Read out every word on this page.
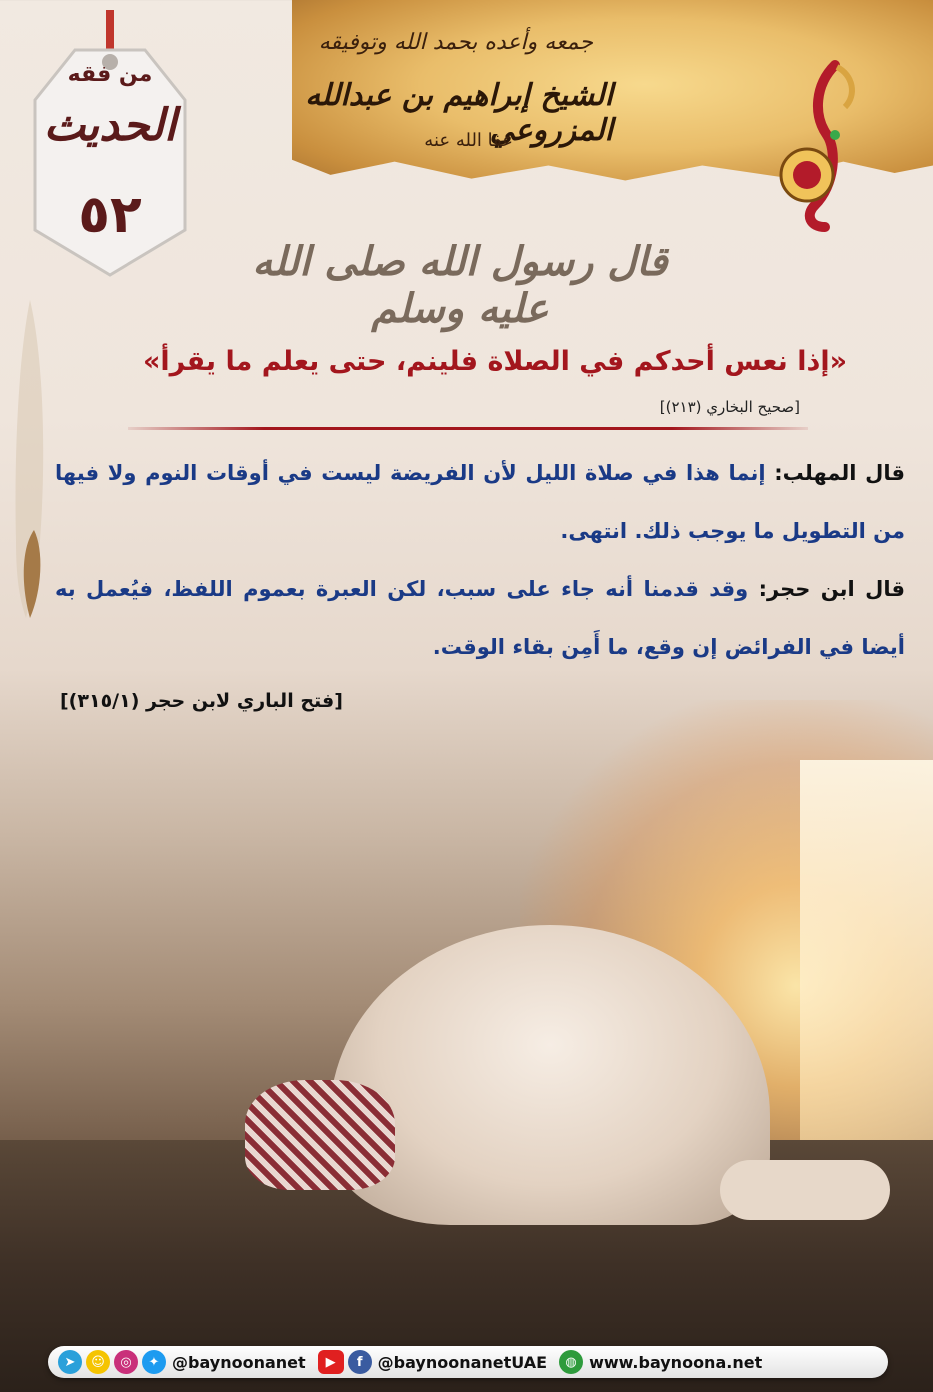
جمعه وأعده بحمد الله وتوفيقه
الشيخ إبراهيم بن عبدالله المزروعي
عفا الله عنه
من فقه
الحديث
٥٢
قال رسول الله صلى الله عليه وسلم
«إذا نعس أحدكم في الصلاة فلينم، حتى يعلم ما يقرأ»
[صحيح البخاري (٢١٣)]
قال المهلب: إنما هذا في صلاة الليل لأن الفريضة ليست في أوقات النوم ولا فيها من التطويل ما يوجب ذلك. انتهى.
قال ابن حجر: وقد قدمنا أنه جاء على سبب، لكن العبرة بعموم اللفظ، فيُعمل به أيضا في الفرائض إن وقع، ما أَمِن بقاء الوقت.
[فتح الباري لابن حجر (٣١٥/١)]
➤	☺	◎	✦ @baynoonanet	▶	f @baynoonanetUAE	◍ www.baynoona.net
